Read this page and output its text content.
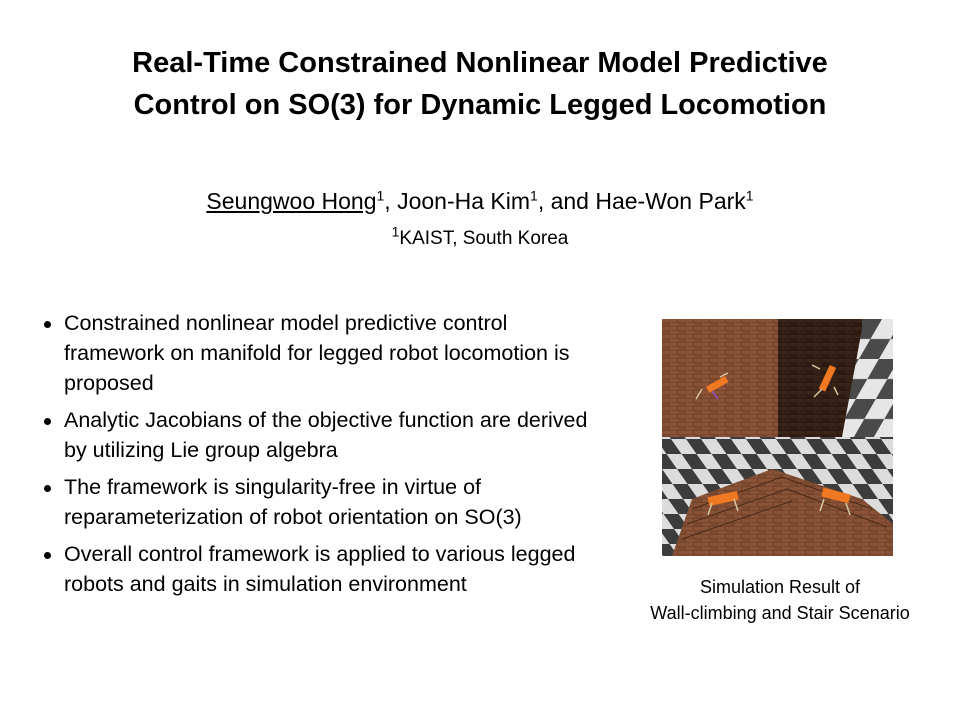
Real-Time Constrained Nonlinear Model Predictive
Control on SO(3) for Dynamic Legged Locomotion
Seungwoo Hong$^1$, Joon-Ha Kim$^1$, and Hae-Won Park$^1$
$^1$KAIST, South Korea
Constrained nonlinear model predictive control framework on manifold for legged robot locomotion is proposed
Analytic Jacobians of the objective function are derived by utilizing Lie group algebra
The framework is singularity-free in virtue of reparameterization of robot orientation on SO(3)
Overall control framework is applied to various legged robots and gaits in simulation environment	Simulation Result of
Wall-climbing and Stair Scenario
